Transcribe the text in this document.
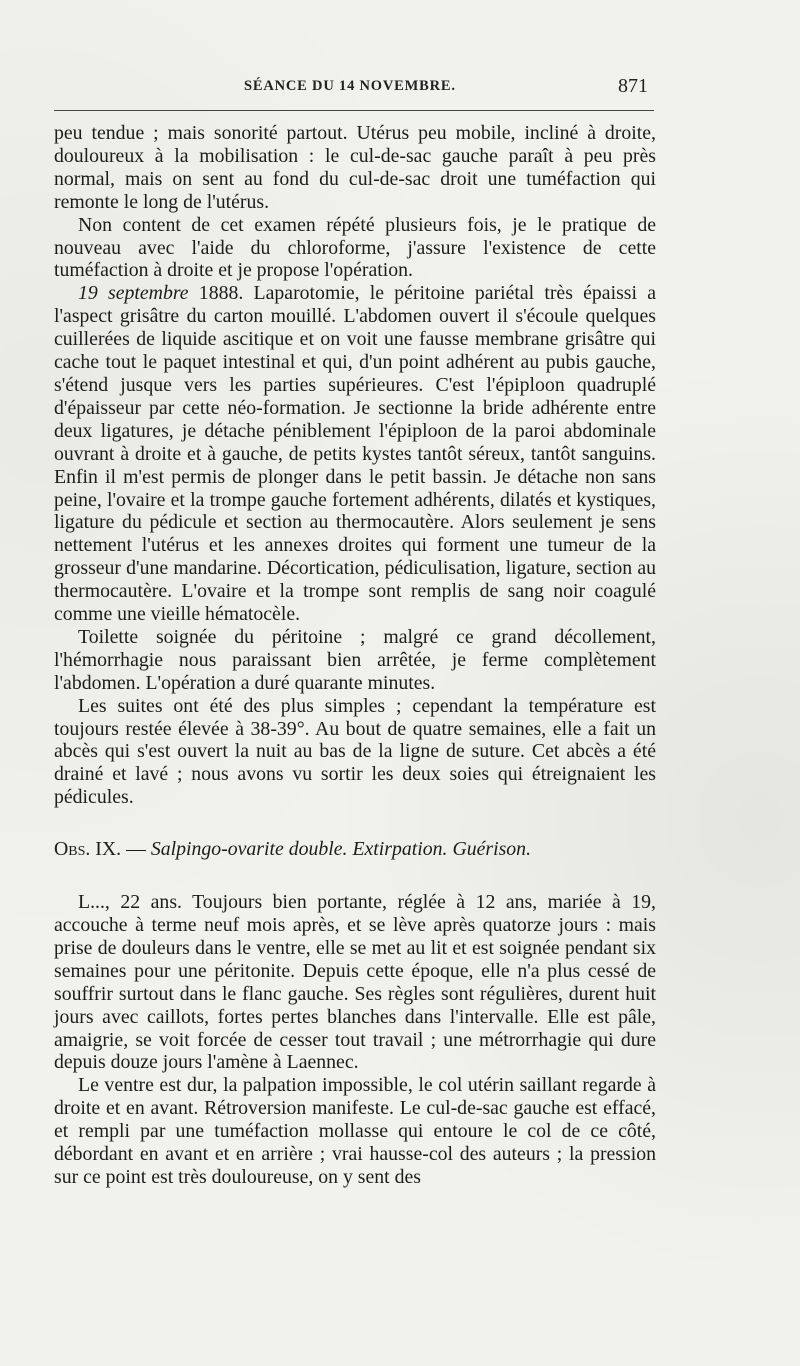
SÉANCE DU 14 NOVEMBRE.	871

peu tendue ; mais sonorité partout. Utérus peu mobile, incliné à droite, douloureux à la mobilisation : le cul-de-sac gauche paraît à peu près normal, mais on sent au fond du cul-de-sac droit une tuméfaction qui remonte le long de l'utérus.

Non content de cet examen répété plusieurs fois, je le pratique de nouveau avec l'aide du chloroforme, j'assure l'existence de cette tuméfaction à droite et je propose l'opération.

19 septembre 1888. Laparotomie, le péritoine pariétal très épaissi a l'aspect grisâtre du carton mouillé. L'abdomen ouvert il s'écoule quelques cuillerées de liquide ascitique et on voit une fausse membrane grisâtre qui cache tout le paquet intestinal et qui, d'un point adhérent au pubis gauche, s'étend jusque vers les parties supérieures. C'est l'épiploon quadruplé d'épaisseur par cette néo-formation. Je sectionne la bride adhérente entre deux ligatures, je détache péniblement l'épiploon de la paroi abdominale ouvrant à droite et à gauche, de petits kystes tantôt séreux, tantôt sanguins. Enfin il m'est permis de plonger dans le petit bassin. Je détache non sans peine, l'ovaire et la trompe gauche fortement adhérents, dilatés et kystiques, ligature du pédicule et section au thermocautère. Alors seulement je sens nettement l'utérus et les annexes droites qui forment une tumeur de la grosseur d'une mandarine. Décortication, pédiculisation, ligature, section au thermocautère. L'ovaire et la trompe sont remplis de sang noir coagulé comme une vieille hématocèle.

Toilette soignée du péritoine ; malgré ce grand décollement, l'hémorrhagie nous paraissant bien arrêtée, je ferme complètement l'abdomen. L'opération a duré quarante minutes.

Les suites ont été des plus simples ; cependant la température est toujours restée élevée à 38-39°. Au bout de quatre semaines, elle a fait un abcès qui s'est ouvert la nuit au bas de la ligne de suture. Cet abcès a été drainé et lavé ; nous avons vu sortir les deux soies qui étreignaient les pédicules.

Obs. IX. — Salpingo-ovarite double. Extirpation. Guérison.

L..., 22 ans. Toujours bien portante, réglée à 12 ans, mariée à 19, accouche à terme neuf mois après, et se lève après quatorze jours : mais prise de douleurs dans le ventre, elle se met au lit et est soignée pendant six semaines pour une péritonite. Depuis cette époque, elle n'a plus cessé de souffrir surtout dans le flanc gauche. Ses règles sont régulières, durent huit jours avec caillots, fortes pertes blanches dans l'intervalle. Elle est pâle, amaigrie, se voit forcée de cesser tout travail ; une métrorrhagie qui dure depuis douze jours l'amène à Laennec.

Le ventre est dur, la palpation impossible, le col utérin saillant regarde à droite et en avant. Rétroversion manifeste. Le cul-de-sac gauche est effacé, et rempli par une tuméfaction mollasse qui entoure le col de ce côté, débordant en avant et en arrière ; vrai hausse-col des auteurs ; la pression sur ce point est très douloureuse, on y sent des
